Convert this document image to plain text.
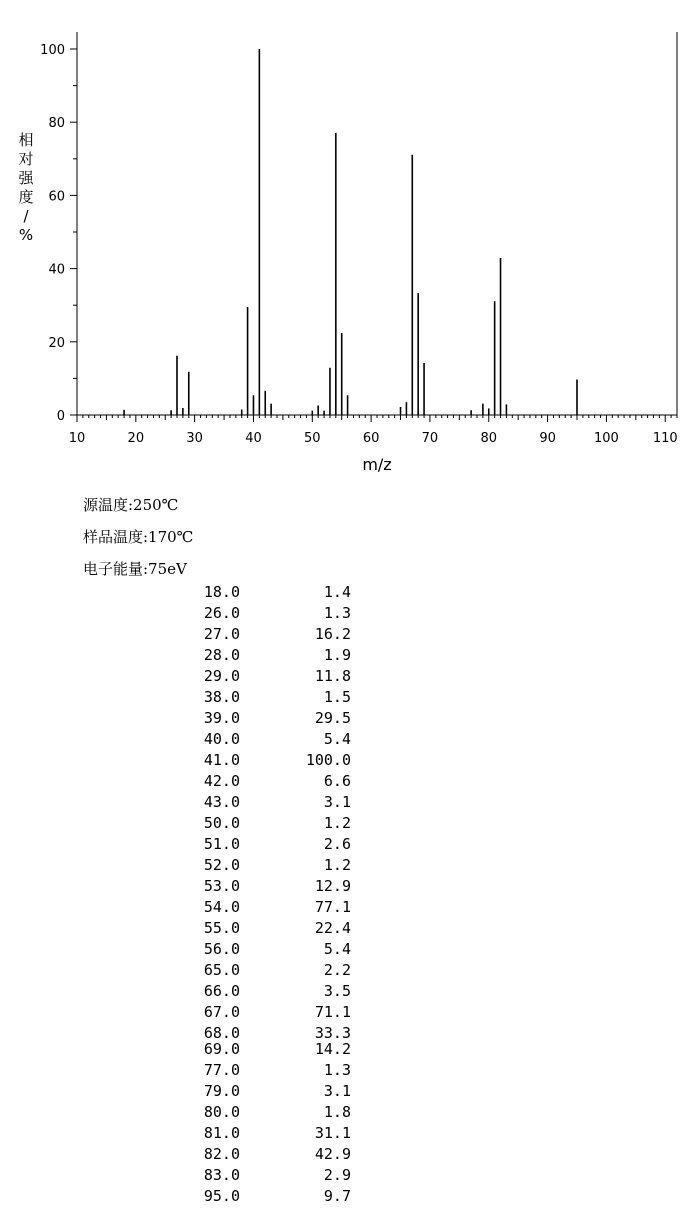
10	20	30	40	50	60	70	80	90	100	110
0
20
40
60
80
100
m/z
相
对
强
度
/
%
源温度:250℃
样品温度:170℃
电子能量:75eV
18.0	1.4
26.0	1.3
27.0	16.2
28.0	1.9
29.0	11.8
38.0	1.5
39.0	29.5
40.0	5.4
41.0	100.0
42.0	6.6
43.0	3.1
50.0	1.2
51.0	2.6
52.0	1.2
53.0	12.9
54.0	77.1
55.0	22.4
56.0	5.4
65.0	2.2
66.0	3.5
67.0	71.1
68.0	33.3
69.0	14.2
77.0	1.3
79.0	3.1
80.0	1.8
81.0	31.1
82.0	42.9
83.0	2.9
95.0	9.7
